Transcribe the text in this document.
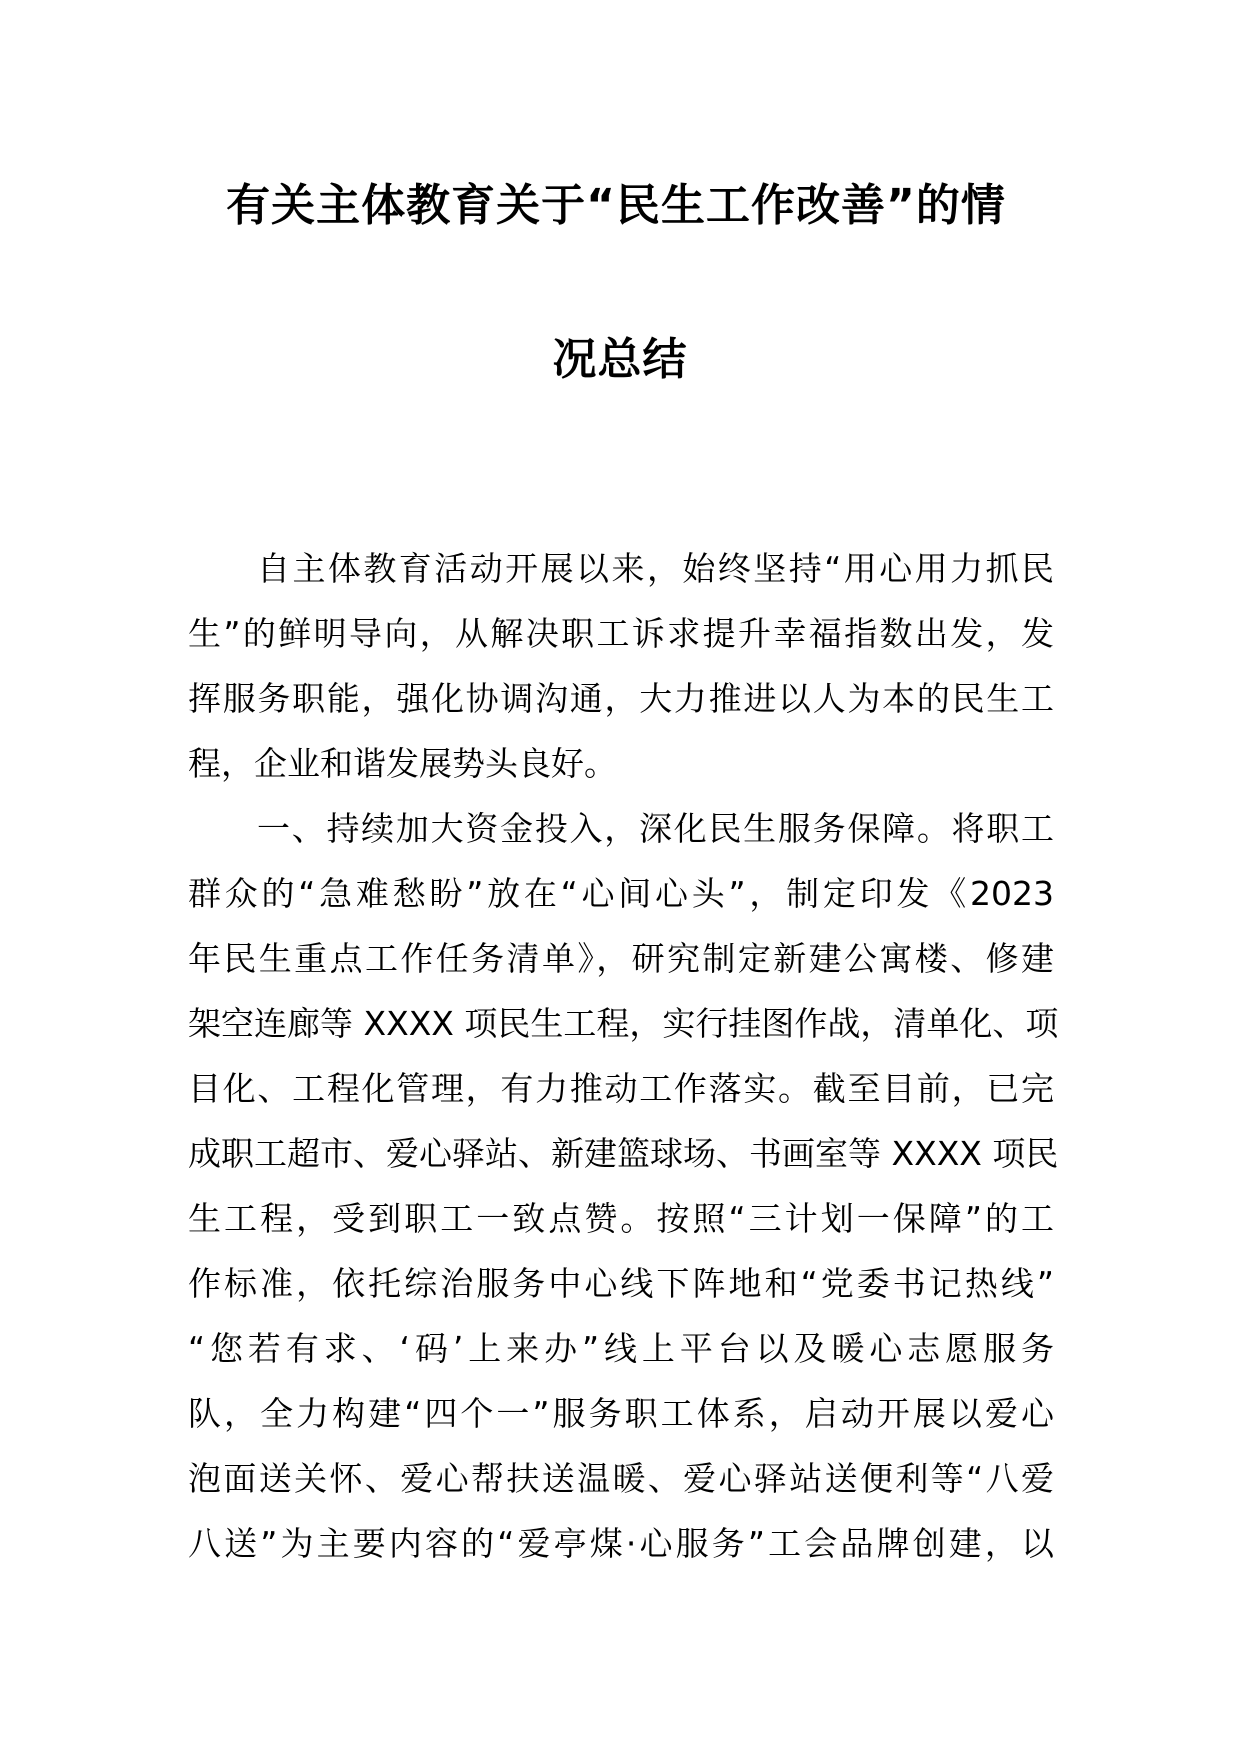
有关主体教育关于“民生工作改善”的情
况总结
自主体教育活动开展以来，始终坚持“用心用力抓民
生”的鲜明导向，从解决职工诉求提升幸福指数出发，发
挥服务职能，强化协调沟通，大力推进以人为本的民生工
程，企业和谐发展势头良好。
一、持续加大资金投入，深化民生服务保障。将职工
群众的“急难愁盼”放在“心间心头”，制定印发《2023
年民生重点工作任务清单》，研究制定新建公寓楼、修建
架空连廊等 XXXX 项民生工程，实行挂图作战，清单化、项
目化、工程化管理，有力推动工作落实。截至目前，已完
成职工超市、爱心驿站、新建篮球场、书画室等 XXXX 项民
生工程，受到职工一致点赞。按照“三计划一保障”的工
作标准，依托综治服务中心线下阵地和“党委书记热线”
“您若有求、‘码’上来办”线上平台以及暖心志愿服务
队，全力构建“四个一”服务职工体系，启动开展以爱心
泡面送关怀、爱心帮扶送温暖、爱心驿站送便利等“八爱
八送”为主要内容的“爱亭煤·心服务”工会品牌创建，以
